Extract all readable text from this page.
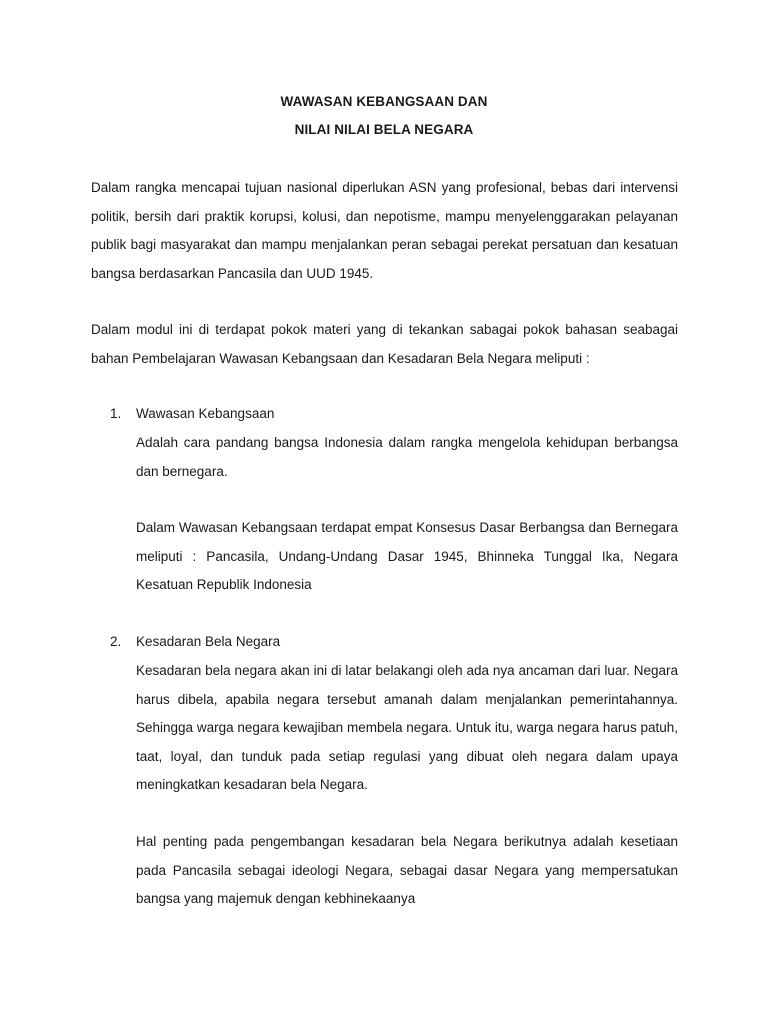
WAWASAN KEBANGSAAN DAN
NILAI NILAI BELA NEGARA

Dalam rangka mencapai tujuan nasional diperlukan ASN yang profesional, bebas dari intervensi politik, bersih dari praktik korupsi, kolusi, dan nepotisme, mampu menyelenggarakan pelayanan publik bagi masyarakat dan mampu menjalankan peran sebagai perekat persatuan dan kesatuan bangsa berdasarkan Pancasila dan UUD 1945.

Dalam modul ini di terdapat pokok materi yang di tekankan sabagai pokok bahasan seabagai bahan Pembelajaran Wawasan Kebangsaan dan Kesadaran Bela Negara meliputi :

1. Wawasan Kebangsaan

Adalah cara pandang bangsa Indonesia dalam rangka mengelola kehidupan berbangsa dan bernegara.

Dalam Wawasan Kebangsaan terdapat empat Konsesus Dasar Berbangsa dan Bernegara meliputi : Pancasila, Undang-Undang Dasar 1945, Bhinneka Tunggal Ika, Negara Kesatuan Republik Indonesia

2. Kesadaran Bela Negara

Kesadaran bela negara akan ini di latar belakangi oleh ada nya ancaman dari luar. Negara harus dibela, apabila negara tersebut amanah dalam menjalankan pemerintahannya. Sehingga warga negara kewajiban membela negara. Untuk itu, warga negara harus patuh, taat, loyal, dan tunduk pada setiap regulasi yang dibuat oleh negara dalam upaya meningkatkan kesadaran bela Negara.

Hal penting pada pengembangan kesadaran bela Negara berikutnya adalah kesetiaan pada Pancasila sebagai ideologi Negara, sebagai dasar Negara yang mempersatukan bangsa yang majemuk dengan kebhinekaanya
